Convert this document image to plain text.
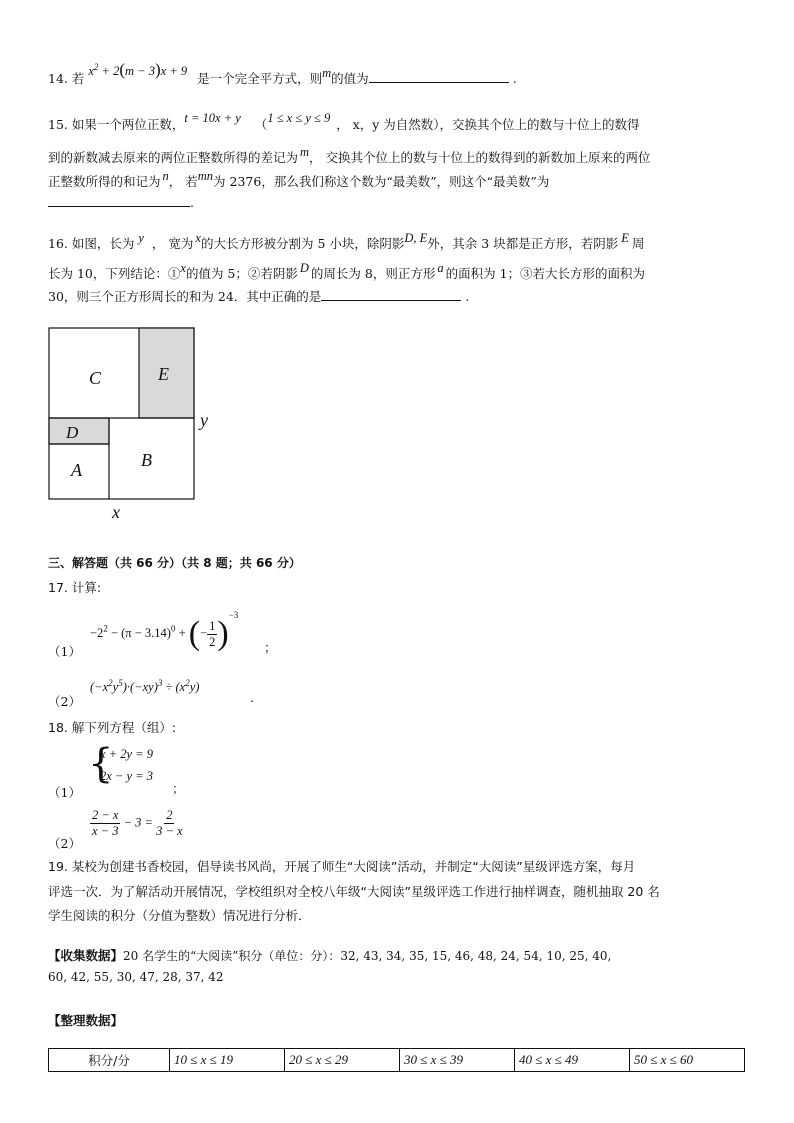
14. 若 $x^2 + 2(m - 3)x + 9$ 是一个完全平方式，则m的值为	.
15. 如果一个两位正数，t = 10x + y （1 ≤ x ≤ y ≤ 9 ， x，y 为自然数），交换其个位上的数与十位上的数得
到的新数减去原来的两位正整数所得的差记为 m， 交换其个位上的数与十位上的数得到的新数加上原来的两位
正整数所得的和记为 n， 若mn为 2376，那么我们称这个数为“最美数”，则这个“最美数”为
.
16. 如图，长为 y ， 宽为 x的大长方形被分割为 5 小块，除阴影D, E外，其余 3 块都是正方形，若阴影 E 周
长为 10，下列结论：①x的值为 5；②若阴影 D 的周长为 8，则正方形 a 的面积为 1；③若大长方形的面积为
30，则三个正方形周长的和为 24．其中正确的是	.
C	E
D
A	B
y
x
三、解答题（共 66 分）（共 8 题；共 66 分）
17. 计算:
（1）
$-2^2 - (\pi - 3.14)^0$ + (− $\frac{1}{2} )^{-3}$
；
（2）
$(-x^2y^5)\cdot(-xy)^3 \div (x^2y)$
.
18. 解下列方程（组）:
（1）
{
x + 2y = 9
2x − y = 3
；
（2）
$\frac{2 - x}{x - 3} - 3 = \frac{2}{3 - x}$
19. 某校为创建书香校园，倡导读书风尚，开展了师生“大阅读”活动，并制定“大阅读”星级评选方案，每月
评选一次．为了解活动开展情况，学校组织对全校八年级“大阅读”星级评选工作进行抽样调查，随机抽取 20 名
学生阅读的积分（分值为整数）情况进行分析．
【收集数据】20 名学生的“大阅读”积分（单位：分）：32, 43, 34, 35, 15, 46, 48, 24, 54, 10, 25, 40,
60, 42, 55, 30, 47, 28, 37, 42
【整理数据】
积分/分	10 ≤ x ≤ 19	20 ≤ x ≤ 29	30 ≤ x ≤ 39	40 ≤ x ≤ 49	50 ≤ x ≤ 60
